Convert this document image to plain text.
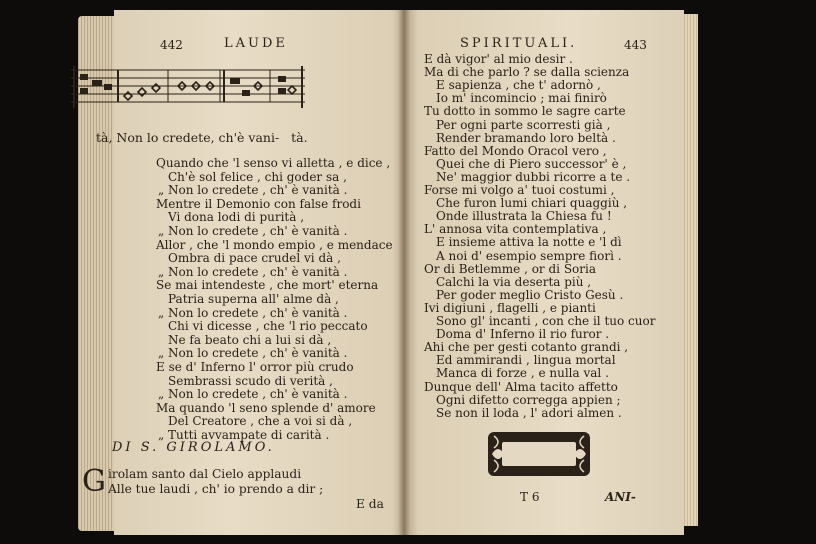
442	LAUDE
tà, Non lo credete, ch'è vani-   tà.
DI S. GIROLAMO.
G irolam santo dal Cielo applaudi
Alle tue laudi , ch' io prendo a dir ;
E da
SPIRITUALI.	443
T 6	ANI-
Quando che 'l senso vi alletta , e dice ,
Ch'è sol felice , chi goder sa ,
„ Non lo credete , ch' è vanità .
Mentre il Demonio con false frodi
Vi dona lodi di purità ,
„ Non lo credete , ch' è vanità .
Allor , che 'l mondo empio , e mendace
Ombra di pace crudel vi dà ,
„ Non lo credete , ch' è vanità .
Se mai intendeste , che mort' eterna
Patria superna all' alme dà ,
„ Non lo credete , ch' è vanità .
Chi vi dicesse , che 'l rio peccato
Ne fa beato chi a lui si dà ,
„ Non lo credete , ch' è vanità .
E se d' Inferno l' orror più crudo
Sembrassi scudo di verità ,
„ Non lo credete , ch' è vanità .
Ma quando 'l seno splende d' amore
Del Creatore , che a voi si dà ,
„ Tutti avvampate di carità .
E dà vigor' al mio desir .
Ma di che parlo ? se dalla scienza
E sapienza , che t' adornò ,
Io m' incomincio ; mai finirò
Tu dotto in sommo le sagre carte
Per ogni parte scorresti già ,
Render bramando loro beltà .
Fatto del Mondo Oracol vero ,
Quei che di Piero successor' è ,
Ne' maggior dubbi ricorre a te .
Forse mi volgo a' tuoi costumi ,
Che furon lumi chiari quaggiù ,
Onde illustrata la Chiesa fu !
L' annosa vita contemplativa ,
E insieme attiva la notte e 'l dì
A noi d' esempio sempre fiorì .
Or di Betlemme , or di Soria
Calchi la via deserta più ,
Per goder meglio Cristo Gesù .
Ivi digiuni , flagelli , e pianti
Sono gl' incanti , con che il tuo cuor
Doma d' Inferno il rio furor .
Ahi che per gesti cotanto grandi ,
Ed ammirandi , lingua mortal
Manca di forze , e nulla val .
Dunque dell' Alma tacito affetto
Ogni difetto corregga appien ;
Se non il loda , l' adori almen .
